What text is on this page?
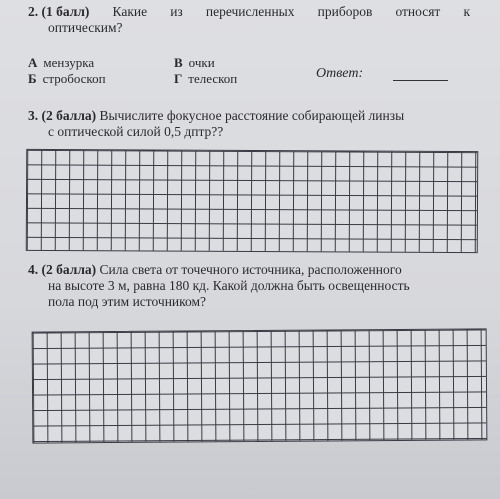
2. (1 балл) Какие из перечисленных приборов относят к
оптическим?
А мензурка
Б стробоскоп
В очки
Г телескоп	Ответ:
3. (2 балла) Вычислите фокусное расстояние собирающей линзы
с оптической силой 0,5 дптр??
4. (2 балла) Сила света от точечного источника, расположенного
на высоте 3 м, равна 180 кд. Какой должна быть освещенность
пола под этим источником?
